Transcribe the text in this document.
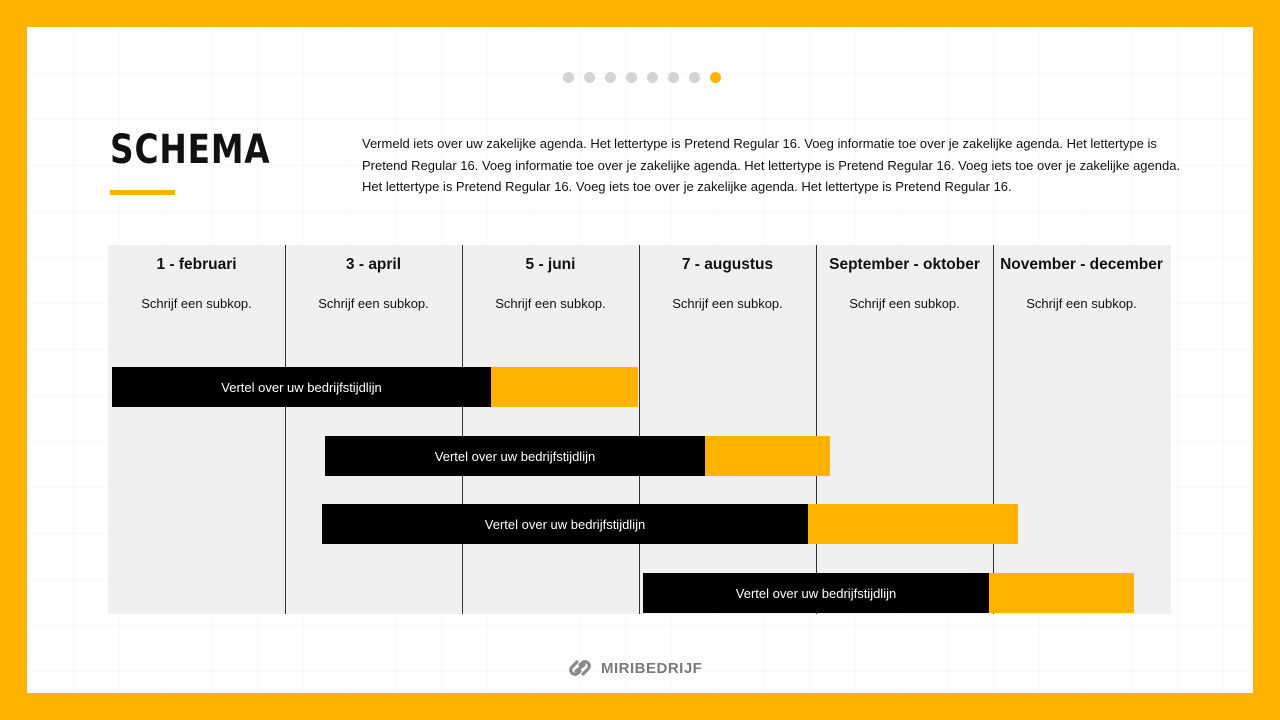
SCHEMA	Vermeld iets over uw zakelijke agenda. Het lettertype is Pretend Regular 16. Voeg informatie toe over je zakelijke agenda. Het lettertype is Pretend Regular 16. Voeg informatie toe over je zakelijke agenda. Het lettertype is Pretend Regular 16. Voeg iets toe over je zakelijke agenda. Het lettertype is Pretend Regular 16. Voeg iets toe over je zakelijke agenda. Het lettertype is Pretend Regular 16.
1 - februari
Schrijf een subkop.
3 - april
Schrijf een subkop.
5 - juni
Schrijf een subkop.
7 - augustus
Schrijf een subkop.
September - oktober
Schrijf een subkop.
November - december
Schrijf een subkop.
Vertel over uw bedrijfstijdlijn
Vertel over uw bedrijfstijdlijn
Vertel over uw bedrijfstijdlijn
Vertel over uw bedrijfstijdlijn
MIRIBEDRIJF
